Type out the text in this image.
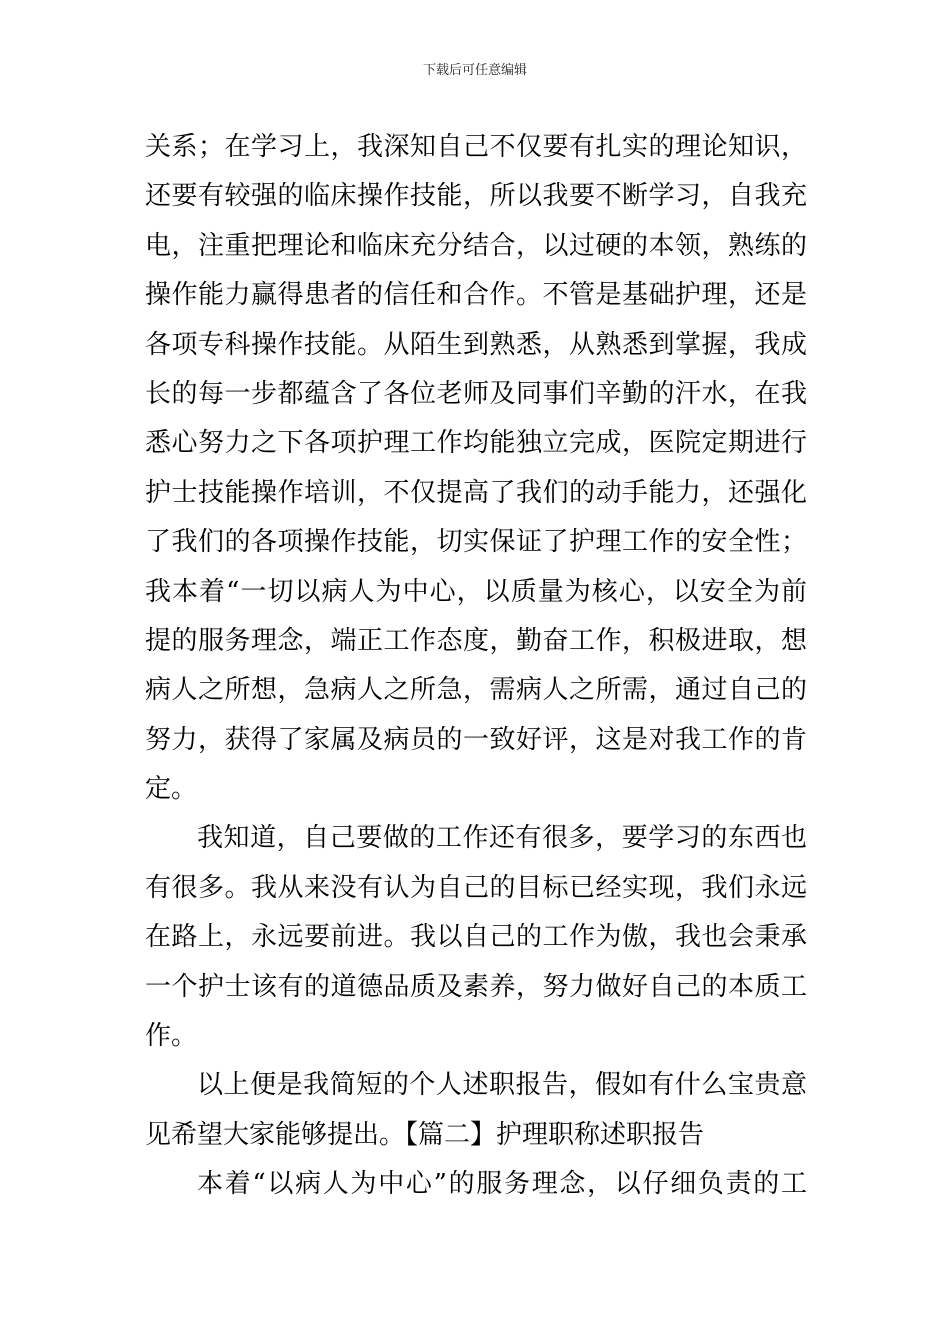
下载后可任意编辑
关系；在学习上，我深知自己不仅要有扎实的理论知识，
还要有较强的临床操作技能，所以我要不断学习，自我充
电，注重把理论和临床充分结合，以过硬的本领，熟练的
操作能力赢得患者的信任和合作。不管是基础护理，还是
各项专科操作技能。从陌生到熟悉，从熟悉到掌握，我成
长的每一步都蕴含了各位老师及同事们辛勤的汗水，在我
悉心努力之下各项护理工作均能独立完成，医院定期进行
护士技能操作培训，不仅提高了我们的动手能力，还强化
了我们的各项操作技能，切实保证了护理工作的安全性；
我本着“一切以病人为中心，以质量为核心，以安全为前
提的服务理念，端正工作态度，勤奋工作，积极进取，想
病人之所想，急病人之所急，需病人之所需，通过自己的
努力，获得了家属及病员的一致好评，这是对我工作的肯
定。
我知道，自己要做的工作还有很多，要学习的东西也
有很多。我从来没有认为自己的目标已经实现，我们永远
在路上，永远要前进。我以自己的工作为傲，我也会秉承
一个护士该有的道德品质及素养，努力做好自己的本质工
作。
以上便是我简短的个人述职报告，假如有什么宝贵意
见希望大家能够提出。【篇二】护理职称述职报告
本着“以病人为中心”的服务理念，以仔细负责的工
